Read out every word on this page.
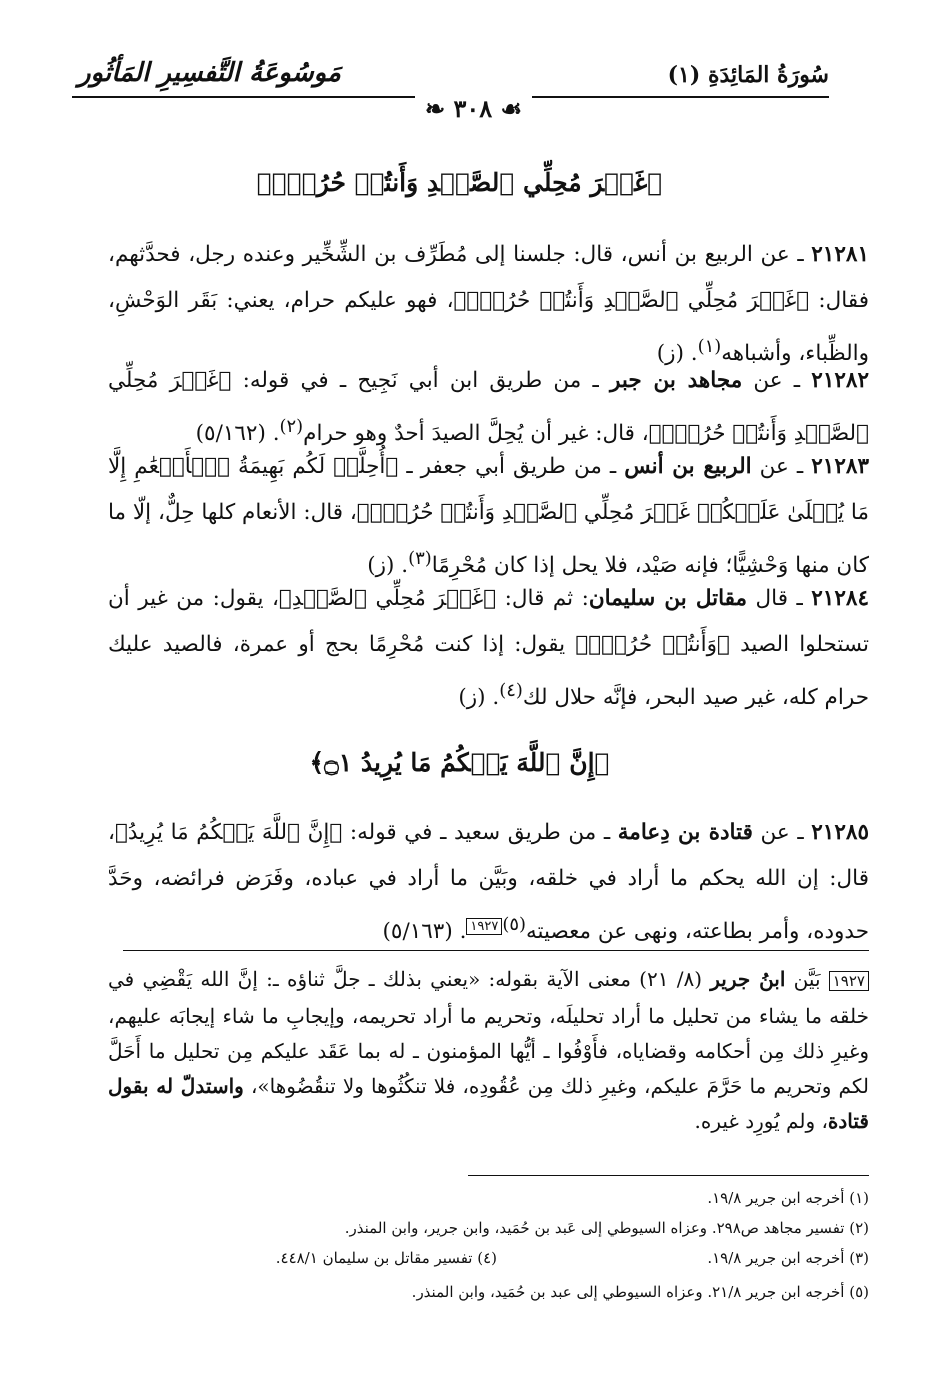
سُورَةُ المَائِدَةِ (١)
مَوسُوعَةُ التَّفسِيرِ المَأثُور
❧ ٣٠٨ ☙
﴿غَيۡرَ مُحِلِّي ٱلصَّيۡدِ وَأَنتُمۡ حُرُمٌۗ﴾
٢١٢٨١ ـ عن الربيع بن أنس، قال: جلسنا إلى مُطَرِّف بن الشِّخِّير وعنده رجل، فحدَّثهم، فقال: ﴿غَيۡرَ مُحِلِّي ٱلصَّيۡدِ وَأَنتُمۡ حُرُمٌۗ﴾، فهو عليكم حرام، يعني: بَقَر الوَحْشِ، والظِّباء، وأشباهه$^{(١)}$. (ز)
٢١٢٨٢ ـ عن مجاهد بن جبر ـ من طريق ابن أبي نَجِيح ـ في قوله: ﴿غَيۡرَ مُحِلِّي ٱلصَّيۡدِ وَأَنتُمۡ حُرُمٌۗ﴾، قال: غير أن يُحِلَّ الصيدَ أحدٌ وهو حرام$^{(٢)}$. (٥/١٦٢)
٢١٢٨٣ ـ عن الربيع بن أنس ـ من طريق أبي جعفر ـ ﴿أُحِلَّتۡ لَكُم بَهِيمَةُ ٱلۡأَنۡعَٰمِ إِلَّا مَا يُتۡلَىٰ عَلَيۡكُمۡ غَيۡرَ مُحِلِّي ٱلصَّيۡدِ وَأَنتُمۡ حُرُمٌۗ﴾، قال: الأنعام كلها حِلٌّ، إلّا ما كان منها وَحْشِيًّا؛ فإنه صَيْد، فلا يحل إذا كان مُحْرِمًا$^{(٣)}$. (ز)
٢١٢٨٤ ـ قال مقاتل بن سليمان: ثم قال: ﴿غَيۡرَ مُحِلِّي ٱلصَّيۡدِ﴾، يقول: من غير أن تستحلوا الصيد ﴿وَأَنتُمۡ حُرُمٌۗ﴾ يقول: إذا كنت مُحْرِمًا بحج أو عمرة، فالصيد عليك حرام كله، غير صيد البحر، فإنَّه حلال لك$^{(٤)}$. (ز)
﴿إِنَّ ٱللَّهَ يَحۡكُمُ مَا يُرِيدُ ۝١﴾
٢١٢٨٥ ـ عن قتادة بن دِعامة ـ من طريق سعيد ـ في قوله: ﴿إِنَّ ٱللَّهَ يَحۡكُمُ مَا يُرِيدُ﴾، قال: إن الله يحكم ما أراد في خلقه، وبَيَّن ما أراد في عباده، وفَرَض فرائضه، وحَدَّ حدوده، وأمر بطاعته، ونهى عن معصيته$^{(٥)١٩٢٧}$. (٥/١٦٣)
١٩٢٧ بَيَّن ابنُ جرير (٨/ ٢١) معنى الآية بقوله: «يعني بذلك ـ جلَّ ثناؤه ـ: إنَّ الله يَقْضِي في خلقه ما يشاء من تحليل ما أراد تحليلَه، وتحريم ما أراد تحريمه، وإيجابِ ما شاء إيجابَه عليهم، وغيرِ ذلك مِن أحكامه وقضاياه، فأَوْفُوا ـ أيُّها المؤمنون ـ له بما عَقَد عليكم مِن تحليل ما أَحَلَّ لكم وتحريم ما حَرَّمَ عليكم، وغيرِ ذلك مِن عُقُودِه، فلا تنكُثُوها ولا تنقُضُوها»، واستدلّ له بقول قتادة، ولم يُورِد غيره.
(١) أخرجه ابن جرير ١٩/٨.
(٢) تفسير مجاهد ص٢٩٨. وعزاه السيوطي إلى عَبد بن حُمَيد، وابن جرير، وابن المنذر.
(٣) أخرجه ابن جرير ١٩/٨.
(٤) تفسير مقاتل بن سليمان ٤٤٨/١.
(٥) أخرجه ابن جرير ٢١/٨. وعزاه السيوطي إلى عبد بن حُمَيد، وابن المنذر.
